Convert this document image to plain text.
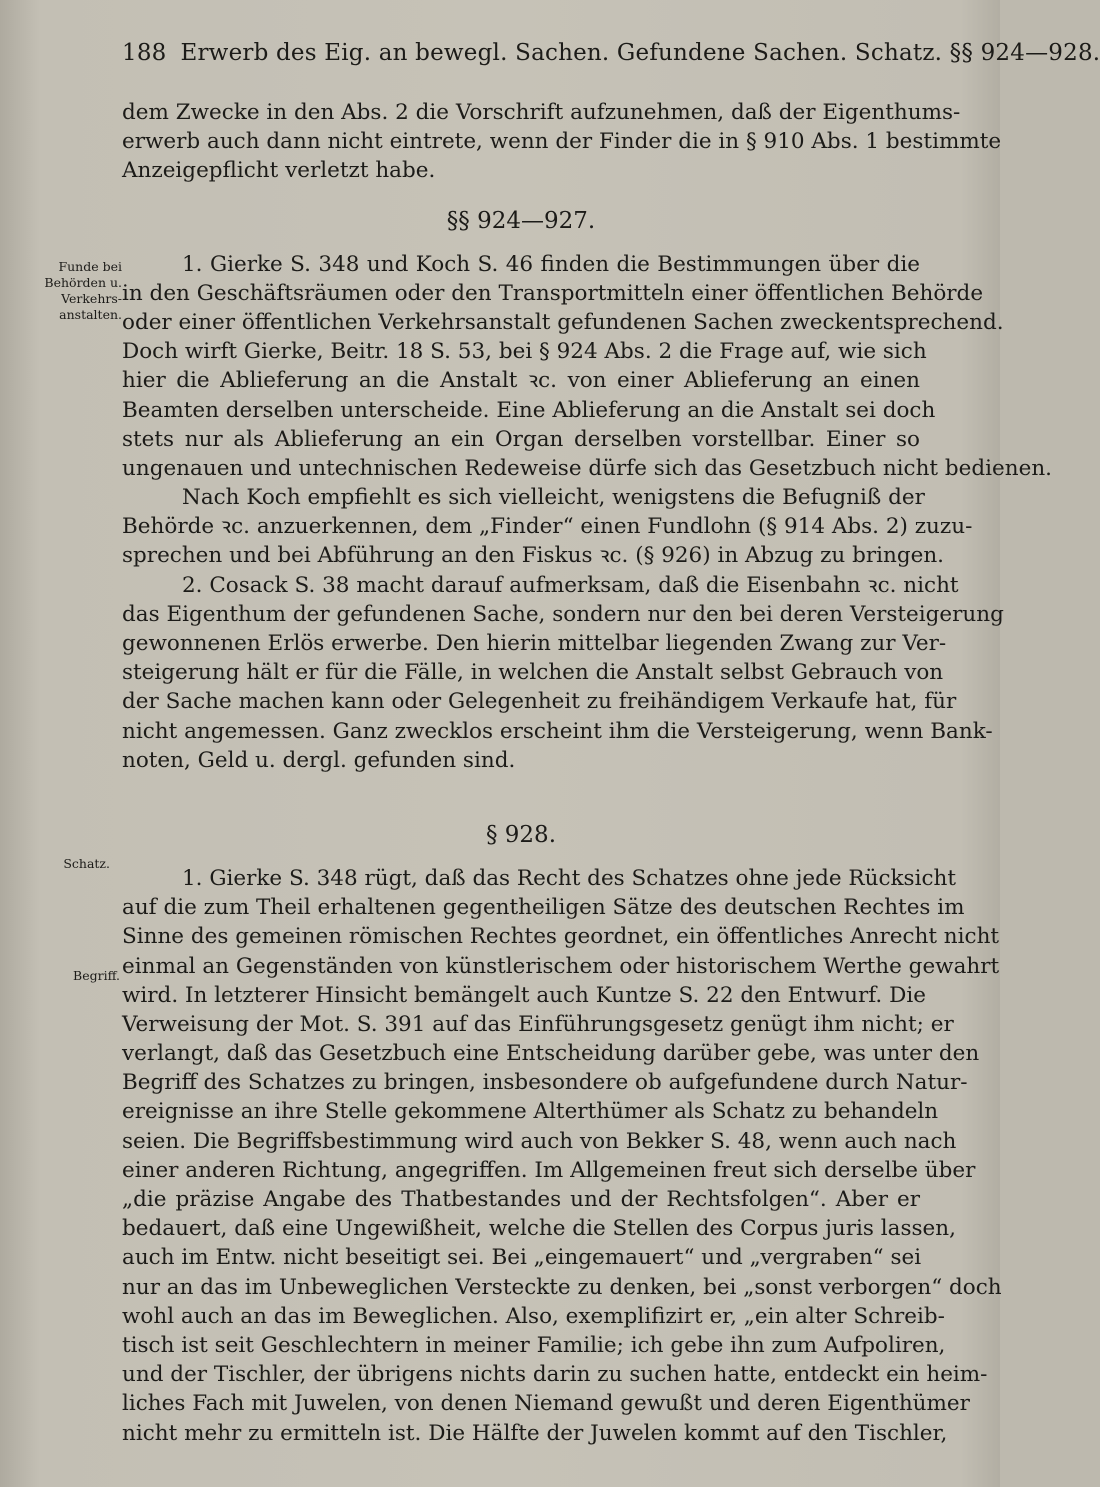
188 Erwerb des Eig. an bewegl. Sachen. Gefundene Sachen. Schatz. §§ 924—928.
Funde bei
Behörden u.
Verkehrs-
anstalten.
Schatz.
Begriff.
dem Zwecke in den Abs. 2 die Vorschrift aufzunehmen, daß der Eigenthums-
erwerb auch dann nicht eintrete, wenn der Finder die in § 910 Abs. 1 bestimmte
Anzeigepflicht verletzt habe.
§§ 924—927.
1. Gierke S. 348 und Koch S. 46 finden die Bestimmungen über die
in den Geschäftsräumen oder den Transportmitteln einer öffentlichen Behörde
oder einer öffentlichen Verkehrsanstalt gefundenen Sachen zweckentsprechend.
Doch wirft Gierke, Beitr. 18 S. 53, bei § 924 Abs. 2 die Frage auf, wie sich
hier die Ablieferung an die Anstalt ꝛc. von einer Ablieferung an einen
Beamten derselben unterscheide. Eine Ablieferung an die Anstalt sei doch
stets nur als Ablieferung an ein Organ derselben vorstellbar. Einer so
ungenauen und untechnischen Redeweise dürfe sich das Gesetzbuch nicht bedienen.
Nach Koch empfiehlt es sich vielleicht, wenigstens die Befugniß der
Behörde ꝛc. anzuerkennen, dem „Finder“ einen Fundlohn (§ 914 Abs. 2) zuzu-
sprechen und bei Abführung an den Fiskus ꝛc. (§ 926) in Abzug zu bringen.
2. Cosack S. 38 macht darauf aufmerksam, daß die Eisenbahn ꝛc. nicht
das Eigenthum der gefundenen Sache, sondern nur den bei deren Versteigerung
gewonnenen Erlös erwerbe. Den hierin mittelbar liegenden Zwang zur Ver-
steigerung hält er für die Fälle, in welchen die Anstalt selbst Gebrauch von
der Sache machen kann oder Gelegenheit zu freihändigem Verkaufe hat, für
nicht angemessen. Ganz zwecklos erscheint ihm die Versteigerung, wenn Bank-
noten, Geld u. dergl. gefunden sind.
§ 928.
1. Gierke S. 348 rügt, daß das Recht des Schatzes ohne jede Rücksicht
auf die zum Theil erhaltenen gegentheiligen Sätze des deutschen Rechtes im
Sinne des gemeinen römischen Rechtes geordnet, ein öffentliches Anrecht nicht
einmal an Gegenständen von künstlerischem oder historischem Werthe gewahrt
wird. In letzterer Hinsicht bemängelt auch Kuntze S. 22 den Entwurf. Die
Verweisung der Mot. S. 391 auf das Einführungsgesetz genügt ihm nicht; er
verlangt, daß das Gesetzbuch eine Entscheidung darüber gebe, was unter den
Begriff des Schatzes zu bringen, insbesondere ob aufgefundene durch Natur-
ereignisse an ihre Stelle gekommene Alterthümer als Schatz zu behandeln
seien. Die Begriffsbestimmung wird auch von Bekker S. 48, wenn auch nach
einer anderen Richtung, angegriffen. Im Allgemeinen freut sich derselbe über
„die präzise Angabe des Thatbestandes und der Rechtsfolgen“. Aber er
bedauert, daß eine Ungewißheit, welche die Stellen des Corpus juris lassen,
auch im Entw. nicht beseitigt sei. Bei „eingemauert“ und „vergraben“ sei
nur an das im Unbeweglichen Versteckte zu denken, bei „sonst verborgen“ doch
wohl auch an das im Beweglichen. Also, exemplifizirt er, „ein alter Schreib-
tisch ist seit Geschlechtern in meiner Familie; ich gebe ihn zum Aufpoliren,
und der Tischler, der übrigens nichts darin zu suchen hatte, entdeckt ein heim-
liches Fach mit Juwelen, von denen Niemand gewußt und deren Eigenthümer
nicht mehr zu ermitteln ist. Die Hälfte der Juwelen kommt auf den Tischler,
